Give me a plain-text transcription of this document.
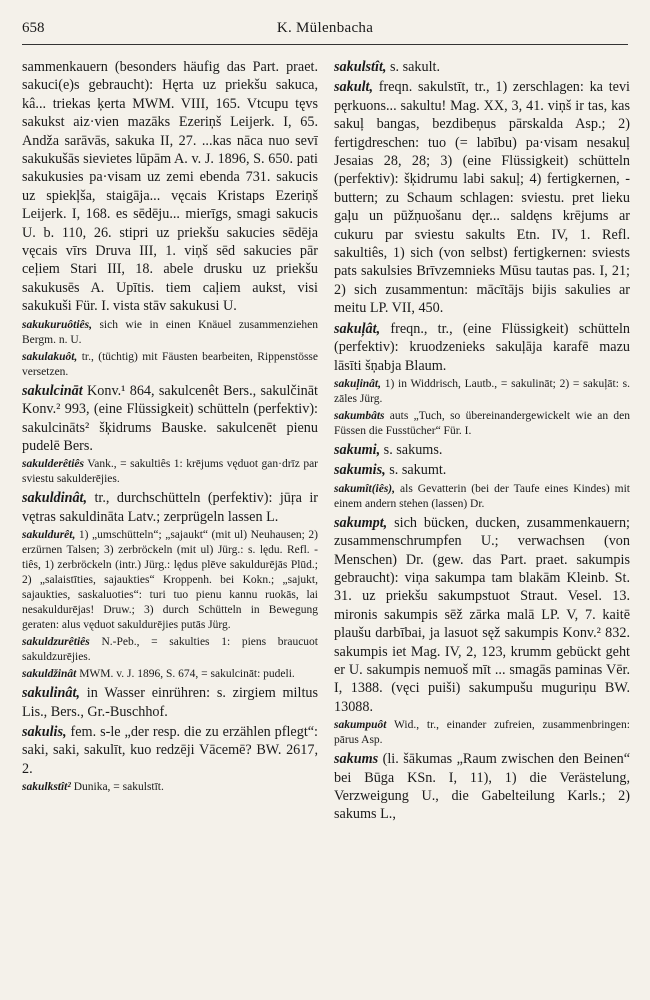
658	K. Mülenbacha

sammenkauern (besonders häufig das Part. praet. sakuci(e)s gebraucht): Hęrta uz priekšu sakuca, kâ... triekas ķerta MWM. VIII, 165. Vtcupu tęvs sakukst aiz·vien mazāks Ezeriņš Leijerk. I, 65. Andža sarāvās, sakuka II, 27. ...kas nāca nuo sevī sakukušās sievietes lūpām A. v. J. 1896, S. 650. pati sakukusies pa·visam uz zemi ebenda 731. sakucis uz spiekļša, staigāja... vęcais Kristaps Ezeriņš Leijerk. I, 168. es sēdēju... mierīgs, smagi sakucis U. b. 110, 26. stipri uz priekšu sakucies sēdēja vęcais vīrs Druva III, 1. viņš sēd sakucies pār ceļiem Stari III, 18. abele drusku uz priekšu sakukusēs A. Upītis. tiem caļiem aukst, visi sakukuši Für. I. vista stāv sakukusi U.

sakukuruôtiês, sich wie in einen Knäuel zusammenziehen Bergm. n. U.

sakulakuôt, tr., (tüchtig) mit Fäusten bearbeiten, Rippenstösse versetzen.

sakulcināt Konv.¹ 864, sakulcenêt Bers., sakulčināt Konv.² 993, (eine Flüssigkeit) schütteln (perfektiv): sakulcināts² šķidrums Bauske. sakulcenēt pienu pudelē Bers.

sakulderêtiês Vank., = sakultiês 1: krējums vęduot gan·drīz par sviestu sakulderējies.

sakuldinât, tr., durchschütteln (perfektiv): jūŗa ir vętras sakuldināta Latv.; zerprügeln lassen L.

sakuldurêt, 1) „umschütteln“; „sajaukt“ (mit ul) Neuhausen; 2) erzürnen Talsen; 3) zerbröckeln (mit ul) Jürg.: s. lędu. Refl. -tiês, 1) zerbröckeln (intr.) Jürg.: lędus plēve sakuldurējās Plūd.; 2) „salaistīties, sajaukties“ Kroppenh. bei Kokn.; „sajukt, sajaukties, saskaluoties“: turi tuo pienu kannu ruokās, lai nesakuldurējas! Druw.; 3) durch Schütteln in Bewegung geraten: alus vęduot sakuldurējies putās Jürg.

sakuldzurêtiês N.-Peb., = sakulties 1: piens braucuot sakuldzurējies.

sakuldžinât MWM. v. J. 1896, S. 674, = sakulcināt: pudeli.

sakulinât, in Wasser einrühren: s. zirgiem miltus Lis., Bers., Gr.-Buschhof.

sakulis, fem. s-le „der resp. die zu erzählen pflegt“: saki, saki, sakulīt, kuo redzēji Vācemē? BW. 2617, 2.

sakulkstît² Dunika, = sakulstīt.

sakulstît, s. sakult.

sakult, freqn. sakulstīt, tr., 1) zerschlagen: ka tevi pęrkuons... sakultu! Mag. XX, 3, 41. viņš ir tas, kas sakuļ bangas, bezdibeņus pārskalda Asp.; 2) fertigdreschen: tuo (= labību) pa·visam nesakuļ Jesaias 28, 28; 3) (eine Flüssigkeit) schütteln (perfektiv): šķidrumu labi sakuļ; 4) fertigkernen, -buttern; zu Schaum schlagen: sviestu. pret lieku gaļu un pūžņuošanu dęr... saldęns krējums ar cukuru par sviestu sakults Etn. IV, 1. Refl. sakultiês, 1) sich (von selbst) fertigkernen: sviests pats sakulsies Brīvzemnieks Mūsu tautas pas. I, 21; 2) sich zusammentun: mācītājs bijis sakulies ar meitu LP. VII, 450.

sakuļât, freqn., tr., (eine Flüssigkeit) schütteln (perfektiv): kruodzenieks sakuļāja karafē mazu lāsīti šņabja Blaum.

sakuļinât, 1) in Widdrisch, Lautb., = sakulināt; 2) = sakuļāt: s. zāles Jürg.

sakumbâts auts „Tuch, so übereinandergewickelt wie an den Füssen die Fusstücher“ Für. I.

sakumi, s. sakums.

sakumis, s. sakumt.

sakumît(iês), als Gevatterin (bei der Taufe eines Kindes) mit einem andern stehen (lassen) Dr.

sakumpt, sich bücken, ducken, zusammenkauern; zusammenschrumpfen U.; verwachsen (von Menschen) Dr. (gew. das Part. praet. sakumpis gebraucht): viņa sakumpa tam blakām Kleinb. St. 31. uz priekšu sakumpstuot Straut. Vesel. 13. mironis sakumpis sēž zārka malā LP. V, 7. kaitē plaušu darbībai, ja lasuot sęž sakumpis Konv.² 832. sakumpis iet Mag. IV, 2, 123, krumm gebückt geht er U. sakumpis nemuoš mīt ... smagās paminas Vēr. I, 1388. (vęci puiši) sakumpušu muguriņu BW. 13088.

sakumpuôt Wid., tr., einander zufreien, zusammenbringen: pārus Asp.

sakums (li. šākumas „Raum zwischen den Beinen“ bei Būga KSn. I, 11), 1) die Verästelung, Verzweigung U., die Gabelteilung Karls.; 2) sakums L.,
